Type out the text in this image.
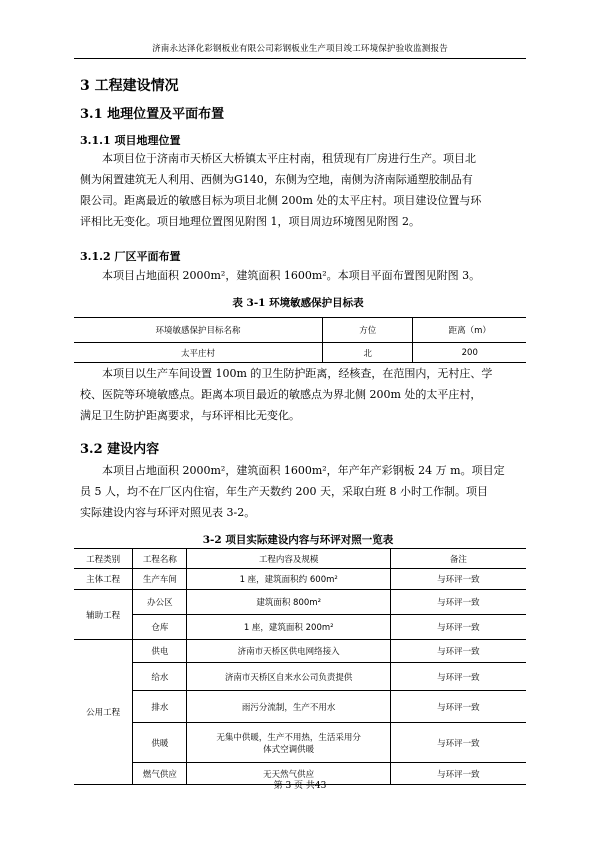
济南永达泽化彩钢板业有限公司彩钢板业生产项目竣工环境保护验收监测报告
3 工程建设情况
3.1 地理位置及平面布置
3.1.1 项目地理位置

本项目位于济南市天桥区大桥镇太平庄村南，租赁现有厂房进行生产。项目北

侧为闲置建筑无人利用、西侧为G140，东侧为空地，南侧为济南际通塑胶制品有

限公司。距离最近的敏感目标为项目北侧 200m 处的太平庄村。项目建设位置与环

评相比无变化。项目地理位置图见附图 1，项目周边环境图见附图 2。

3.1.2 厂区平面布置

本项目占地面积 2000m²，建筑面积 1600m²。本项目平面布置图见附图 3。

表 3-1 环境敏感保护目标表
环境敏感保护目标名称	方位	距离（m）
太平庄村	北	200

本项目以生产车间设置 100m 的卫生防护距离，经核查，在范围内，无村庄、学

校、医院等环境敏感点。距离本项目最近的敏感点为界北侧 200m 处的太平庄村，

满足卫生防护距离要求，与环评相比无变化。

3.2 建设内容

本项目占地面积 2000m²，建筑面积 1600m²，年产年产彩钢板 24 万 m。项目定

员 5 人，均不在厂区内住宿，年生产天数约 200 天，采取白班 8 小时工作制。项目

实际建设内容与环评对照见表 3-2。

3-2 项目实际建设内容与环评对照一览表
工程类别	工程名称	工程内容及规模	备注
主体工程	生产车间	1 座，建筑面积约 600m²	与环评一致
辅助工程	办公区	建筑面积 800m²	与环评一致
	仓库	1 座，建筑面积 200m²	与环评一致
公用工程	供电	济南市天桥区供电网络接入	与环评一致
	给水	济南市天桥区自来水公司负责提供	与环评一致
	排水	雨污分流制，生产不用水	与环评一致
	供暖	无集中供暖，生产不用热，生活采用分体式空调供暖	与环评一致
	燃气供应	无天然气供应	与环评一致
第 3 页 共43
